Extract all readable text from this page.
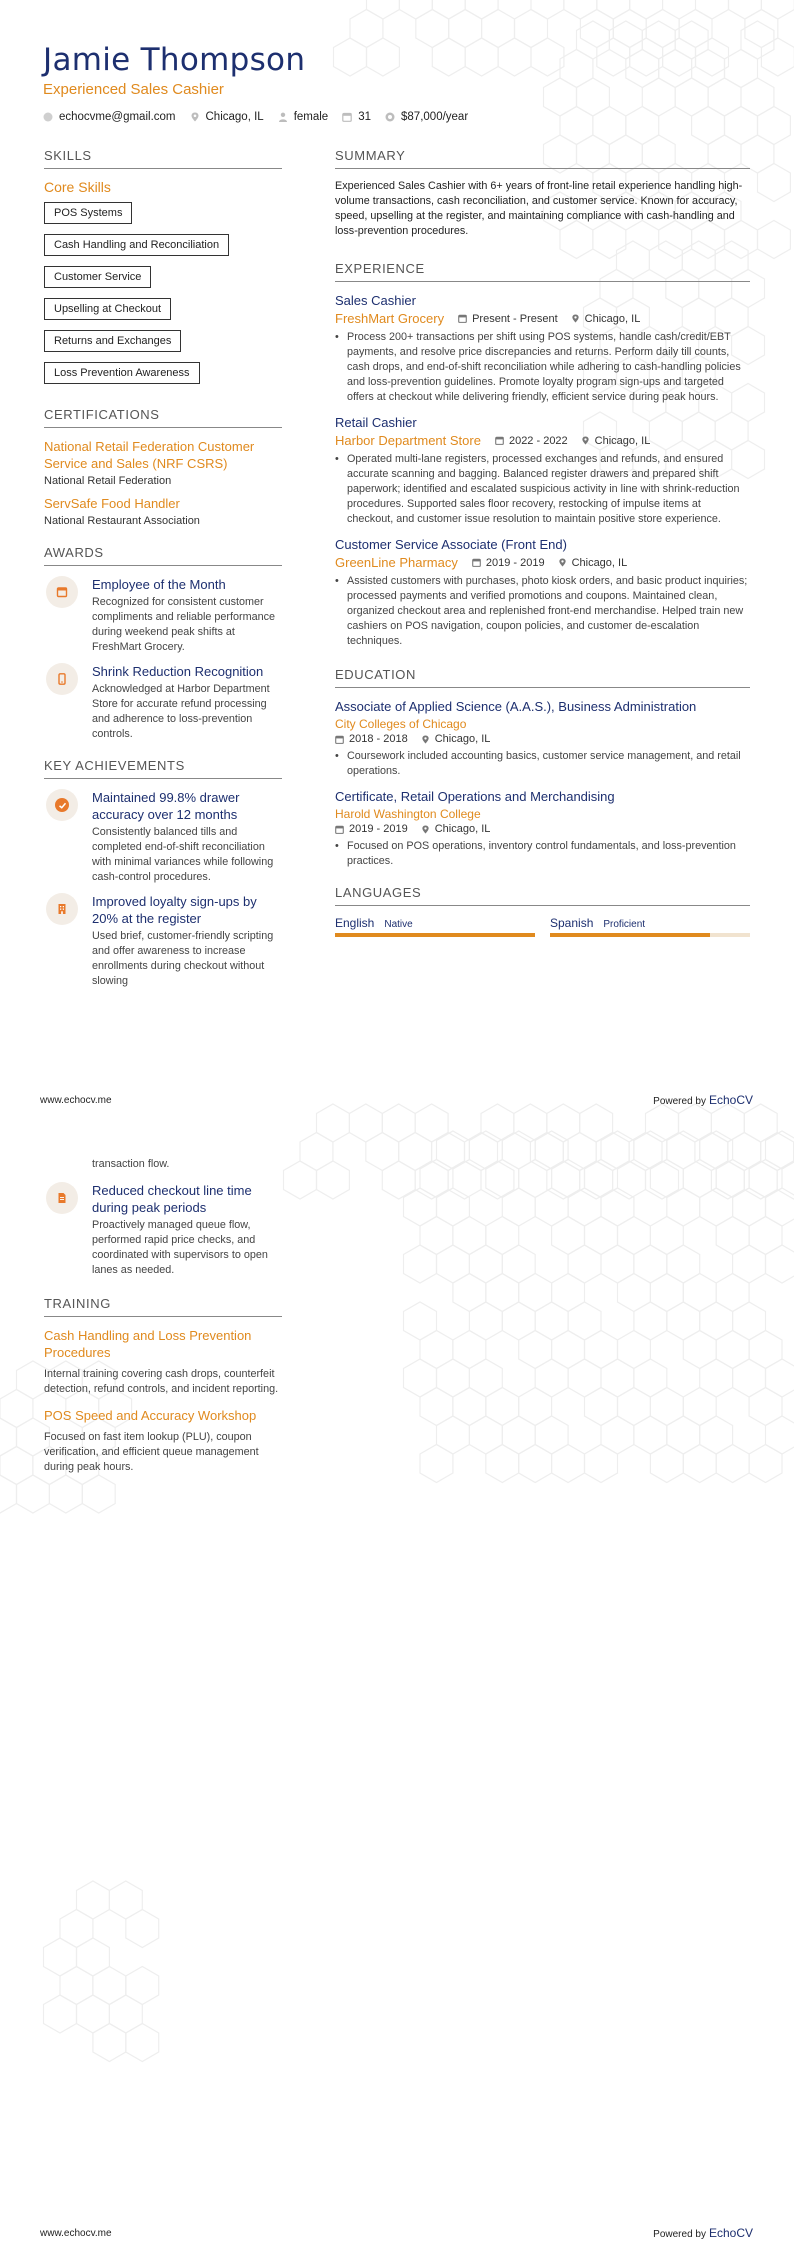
Jamie Thompson
Experienced Sales Cashier
echocvme@gmail.com	Chicago, IL	female	31	$87,000/year
SKILLS
Core Skills
POS Systems
Cash Handling and Reconciliation
Customer Service
Upselling at Checkout
Returns and Exchanges
Loss Prevention Awareness
CERTIFICATIONS
National Retail Federation Customer Service and Sales (NRF CSRS)
National Retail Federation
ServSafe Food Handler
National Restaurant Association
AWARDS
Employee of the Month
Recognized for consistent customer compliments and reliable performance during weekend peak shifts at FreshMart Grocery.
Shrink Reduction Recognition
Acknowledged at Harbor Department Store for accurate refund processing and adherence to loss-prevention controls.
KEY ACHIEVEMENTS
Maintained 99.8% drawer accuracy over 12 months
Consistently balanced tills and completed end-of-shift reconciliation with minimal variances while following cash-control procedures.
Improved loyalty sign-ups by 20% at the register
Used brief, customer-friendly scripting and offer awareness to increase enrollments during checkout without slowing
SUMMARY
Experienced Sales Cashier with 6+ years of front-line retail experience handling high-volume transactions, cash reconciliation, and customer service. Known for accuracy, speed, upselling at the register, and maintaining compliance with cash-handling and loss-prevention procedures.
EXPERIENCE
Sales Cashier
FreshMart Grocery	Present - Present Chicago, IL
• Process 200+ transactions per shift using POS systems, handle cash/credit/EBT payments, and resolve price discrepancies and returns. Perform daily till counts, cash drops, and end-of-shift reconciliation while adhering to cash-handling policies and loss-prevention guidelines. Promote loyalty program sign-ups and targeted offers at checkout while delivering friendly, efficient service during peak hours.
Retail Cashier
Harbor Department Store	2022 - 2022 Chicago, IL
• Operated multi-lane registers, processed exchanges and refunds, and ensured accurate scanning and bagging. Balanced register drawers and prepared shift paperwork; identified and escalated suspicious activity in line with shrink-reduction procedures. Supported sales floor recovery, restocking of impulse items at checkout, and customer issue resolution to maintain positive store experience.
Customer Service Associate (Front End)
GreenLine Pharmacy	2019 - 2019 Chicago, IL
• Assisted customers with purchases, photo kiosk orders, and basic product inquiries; processed payments and verified promotions and coupons. Maintained clean, organized checkout area and replenished front-end merchandise. Helped train new cashiers on POS navigation, coupon policies, and customer de-escalation techniques.
EDUCATION
Associate of Applied Science (A.A.S.), Business Administration
City Colleges of Chicago
2018 - 2018 Chicago, IL
• Coursework included accounting basics, customer service management, and retail operations.
Certificate, Retail Operations and Merchandising
Harold Washington College
2019 - 2019 Chicago, IL
• Focused on POS operations, inventory control fundamentals, and loss-prevention practices.
LANGUAGES
English Native	Spanish Proficient
www.echocv.me	Powered by EchoCV
transaction flow.
Reduced checkout line time during peak periods
Proactively managed queue flow, performed rapid price checks, and coordinated with supervisors to open lanes as needed.
TRAINING
Cash Handling and Loss Prevention Procedures
Internal training covering cash drops, counterfeit detection, refund controls, and incident reporting.
POS Speed and Accuracy Workshop
Focused on fast item lookup (PLU), coupon verification, and efficient queue management during peak hours.
www.echocv.me	Powered by EchoCV
